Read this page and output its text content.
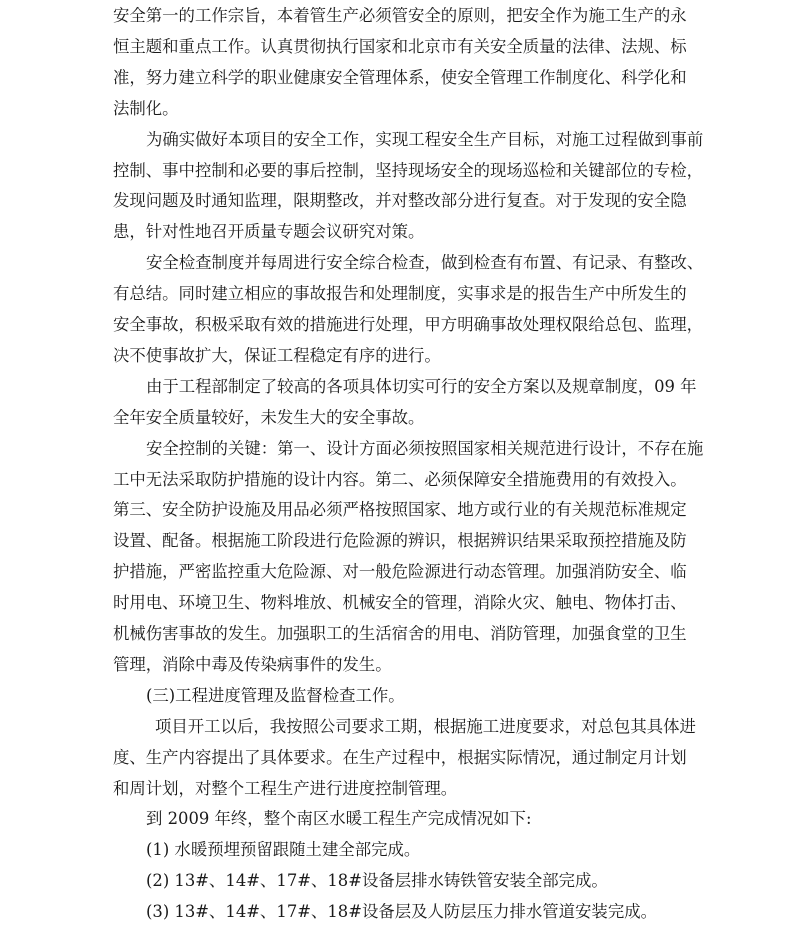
安全第一的工作宗旨，本着管生产必须管安全的原则，把安全作为施工生产的永
恒主题和重点工作。认真贯彻执行国家和北京市有关安全质量的法律、法规、标
准，努力建立科学的职业健康安全管理体系，使安全管理工作制度化、科学化和
法制化。
为确实做好本项目的安全工作，实现工程安全生产目标，对施工过程做到事前
控制、事中控制和必要的事后控制，坚持现场安全的现场巡检和关键部位的专检，
发现问题及时通知监理，限期整改，并对整改部分进行复查。对于发现的安全隐
患，针对性地召开质量专题会议研究对策。
安全检查制度并每周进行安全综合检查，做到检查有布置、有记录、有整改、
有总结。同时建立相应的事故报告和处理制度，实事求是的报告生产中所发生的
安全事故，积极采取有效的措施进行处理，甲方明确事故处理权限给总包、监理，
决不使事故扩大，保证工程稳定有序的进行。
由于工程部制定了较高的各项具体切实可行的安全方案以及规章制度，09 年
全年安全质量较好，未发生大的安全事故。
安全控制的关键：第一、设计方面必须按照国家相关规范进行设计，不存在施
工中无法采取防护措施的设计内容。第二、必须保障安全措施费用的有效投入。
第三、安全防护设施及用品必须严格按照国家、地方或行业的有关规范标准规定
设置、配备。根据施工阶段进行危险源的辨识，根据辨识结果采取预控措施及防
护措施，严密监控重大危险源、对一般危险源进行动态管理。加强消防安全、临
时用电、环境卫生、物料堆放、机械安全的管理，消除火灾、触电、物体打击、
机械伤害事故的发生。加强职工的生活宿舍的用电、消防管理，加强食堂的卫生
管理，消除中毒及传染病事件的发生。
(三)工程进度管理及监督检查工作。
项目开工以后，我按照公司要求工期，根据施工进度要求，对总包其具体进
度、生产内容提出了具体要求。在生产过程中，根据实际情况，通过制定月计划
和周计划，对整个工程生产进行进度控制管理。
到 2009 年终，整个南区水暖工程生产完成情况如下:
(1) 水暖预埋预留跟随土建全部完成。
(2) 13#、14#、17#、18#设备层排水铸铁管安装全部完成。
(3) 13#、14#、17#、18#设备层及人防层压力排水管道安装完成。
